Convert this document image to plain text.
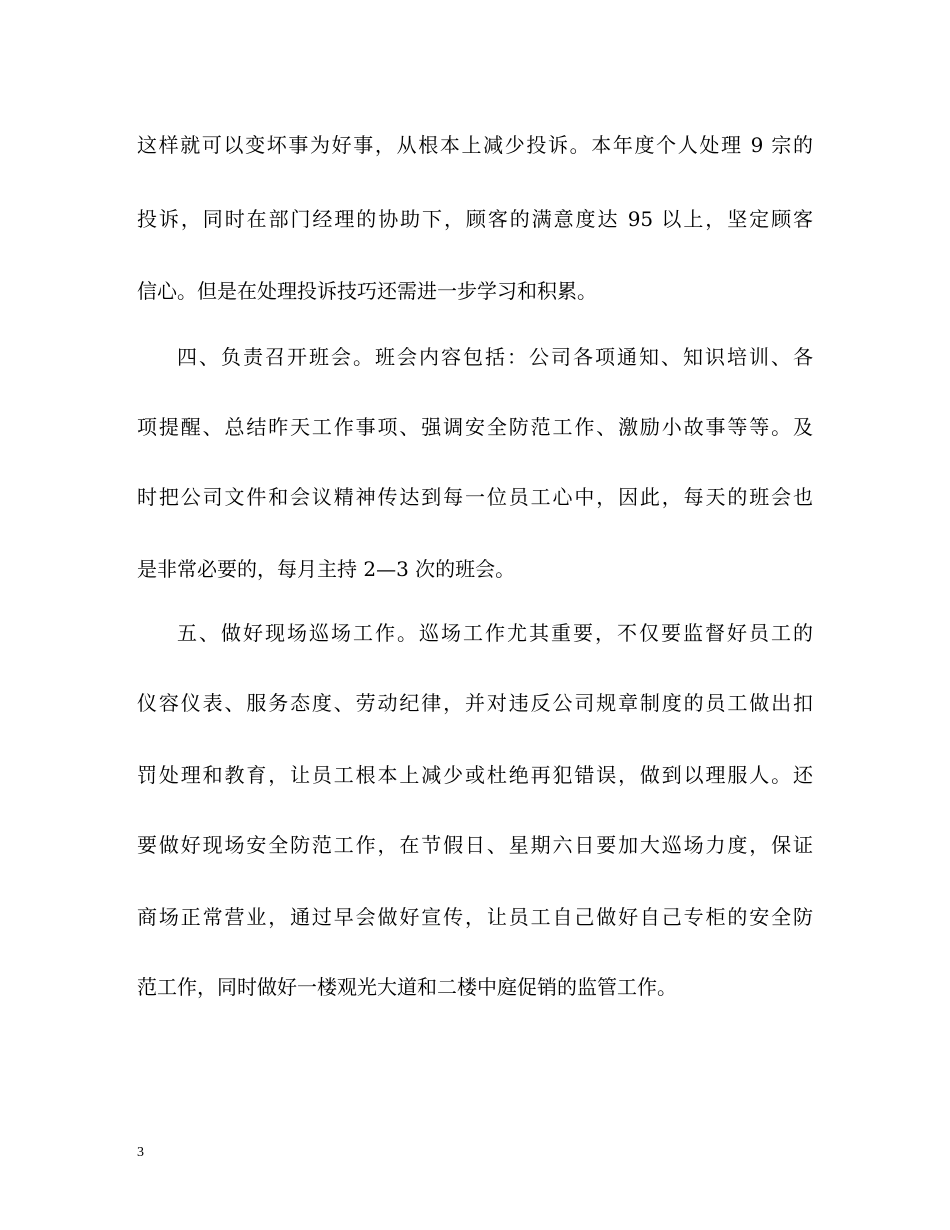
这样就可以变坏事为好事，从根本上减少投诉。本年度个人处理 9 宗的
投诉，同时在部门经理的协助下，顾客的满意度达 95 以上，坚定顾客
信心。但是在处理投诉技巧还需进一步学习和积累。
四、负责召开班会。班会内容包括：公司各项通知、知识培训、各
项提醒、总结昨天工作事项、强调安全防范工作、激励小故事等等。及
时把公司文件和会议精神传达到每一位员工心中，因此，每天的班会也
是非常必要的，每月主持 2—3 次的班会。
五、做好现场巡场工作。巡场工作尤其重要，不仅要监督好员工的
仪容仪表、服务态度、劳动纪律，并对违反公司规章制度的员工做出扣
罚处理和教育，让员工根本上减少或杜绝再犯错误，做到以理服人。还
要做好现场安全防范工作，在节假日、星期六日要加大巡场力度，保证
商场正常营业，通过早会做好宣传，让员工自己做好自己专柜的安全防
范工作，同时做好一楼观光大道和二楼中庭促销的监管工作。
3
